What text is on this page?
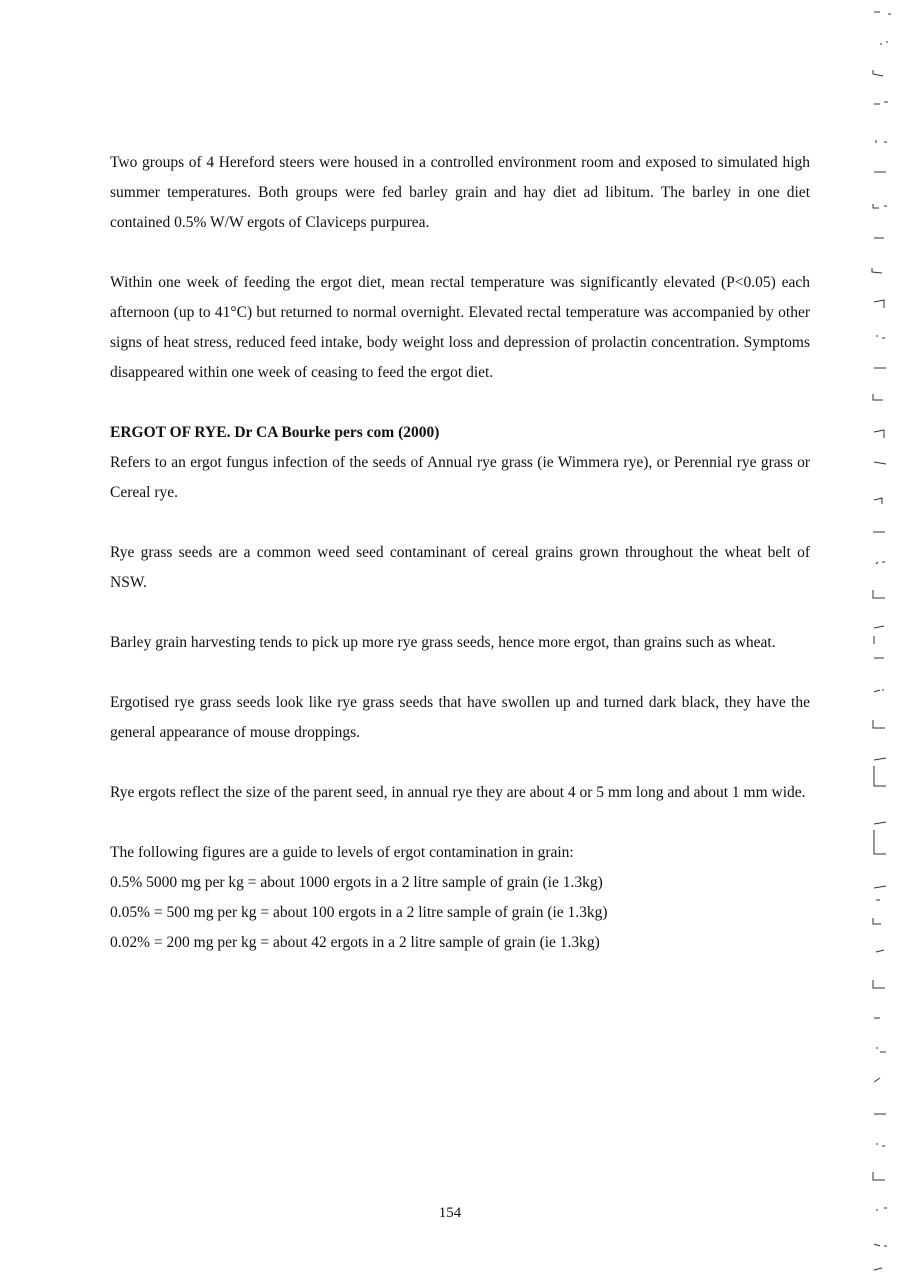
Two groups of 4 Hereford steers were housed in a controlled environment room and exposed to simulated high summer temperatures. Both groups were fed barley grain and hay diet ad libitum. The barley in one diet contained 0.5% W/W ergots of Claviceps purpurea.

Within one week of feeding the ergot diet, mean rectal temperature was significantly elevated (P<0.05) each afternoon (up to 41°C) but returned to normal overnight. Elevated rectal temperature was accompanied by other signs of heat stress, reduced feed intake, body weight loss and depression of prolactin concentration. Symptoms disappeared within one week of ceasing to feed the ergot diet.

ERGOT OF RYE. Dr CA Bourke pers com (2000)

Refers to an ergot fungus infection of the seeds of Annual rye grass (ie Wimmera rye), or Perennial rye grass or Cereal rye.

Rye grass seeds are a common weed seed contaminant of cereal grains grown throughout the wheat belt of NSW.

Barley grain harvesting tends to pick up more rye grass seeds, hence more ergot, than grains such as wheat.

Ergotised rye grass seeds look like rye grass seeds that have swollen up and turned dark black, they have the general appearance of mouse droppings.

Rye ergots reflect the size of the parent seed, in annual rye they are about 4 or 5 mm long and about 1 mm wide.

The following figures are a guide to levels of ergot contamination in grain:

0.5% 5000 mg per kg = about 1000 ergots in a 2 litre sample of grain (ie 1.3kg)

0.05% = 500 mg per kg = about 100 ergots in a 2 litre sample of grain (ie 1.3kg)

0.02% = 200 mg per kg = about 42 ergots in a 2 litre sample of grain (ie 1.3kg)

154
